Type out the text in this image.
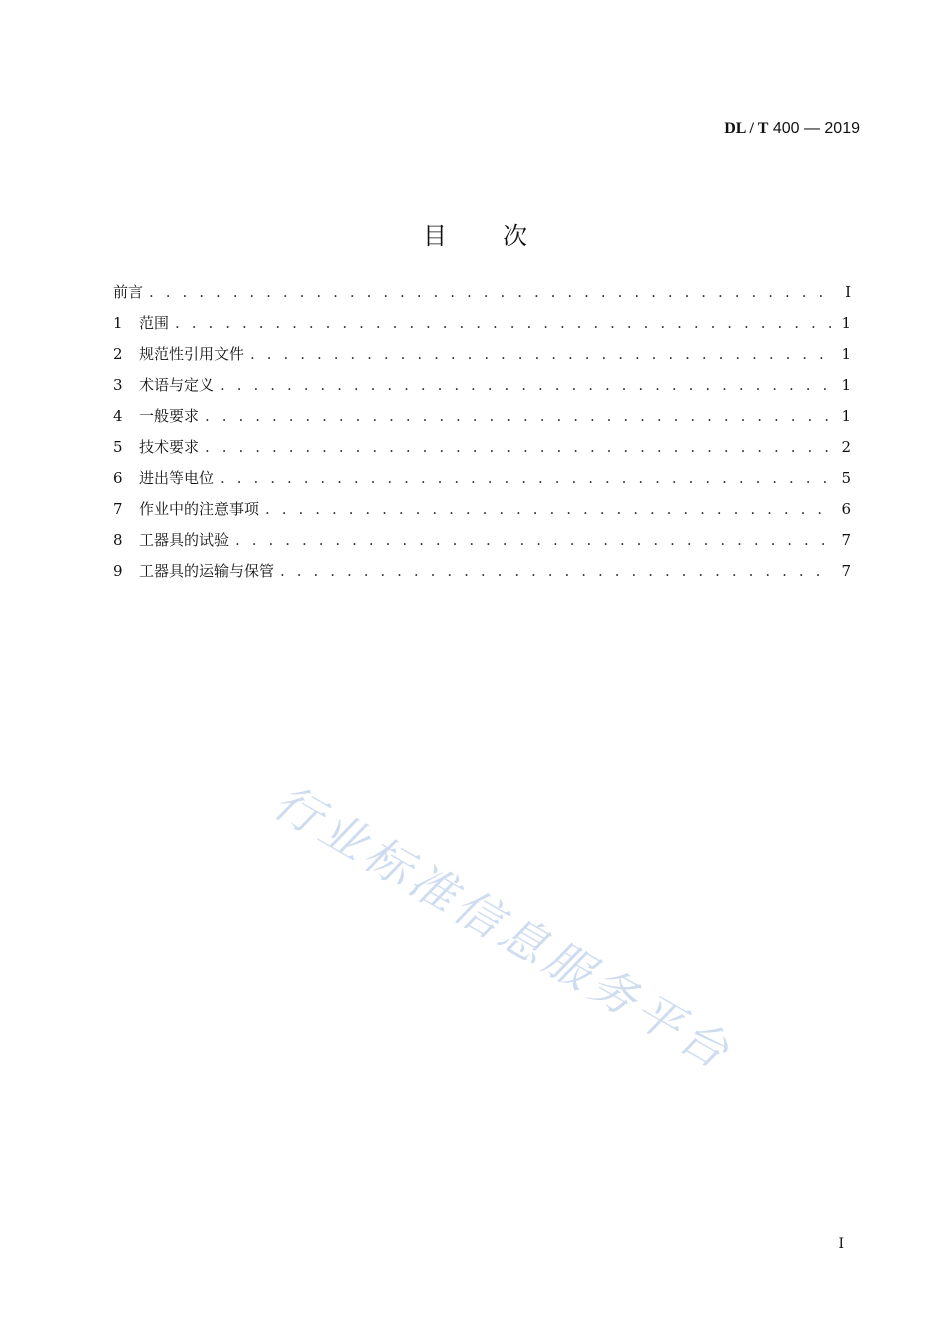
DL / T 400 — 2019
目次
前言 . . .	I
1	范围 . . .	1
2	规范性引用文件 . . .	1
3	术语与定义 . . .	1
4	一般要求 . . .	1
5	技术要求 . . .	2
6	进出等电位 . . .	5
7	作业中的注意事项 . . .	6
8	工器具的试验 . . .	7
9	工器具的运输与保管 . . .	7
行业标准信息服务平台
I
